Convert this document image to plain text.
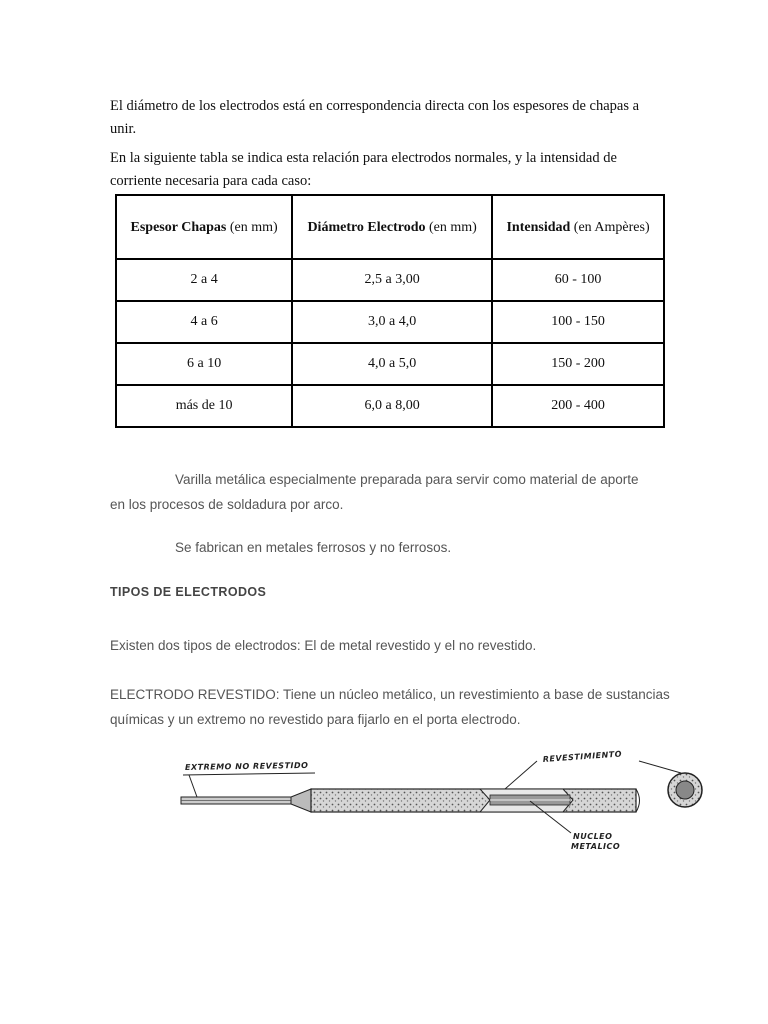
El diámetro de los electrodos está en correspondencia directa con los espesores de chapas a unir.
En la siguiente tabla se indica esta relación para electrodos normales, y la intensidad de corriente necesaria para cada caso:
Espesor Chapas (en mm)	Diámetro Electrodo (en mm)	Intensidad (en Ampères)
2 a 4	2,5 a 3,00	60 - 100
4 a 6	3,0 a 4,0	100 - 150
6 a 10	4,0 a 5,0	150 - 200
más de 10	6,0 a 8,00	200 - 400
Varilla metálica especialmente preparada para servir como material de aporte en los procesos de soldadura por arco.
Se fabrican en metales ferrosos y no ferrosos.
TIPOS DE ELECTRODOS
Existen dos tipos de electrodos: El de metal revestido y el no revestido.
ELECTRODO REVESTIDO: Tiene un núcleo metálico, un revestimiento a base de sustancias químicas y un extremo no revestido para fijarlo en el porta electrodo.
EXTREMO NO REVESTIDO
REVESTIMIENTO
NUCLEO
METALICO
